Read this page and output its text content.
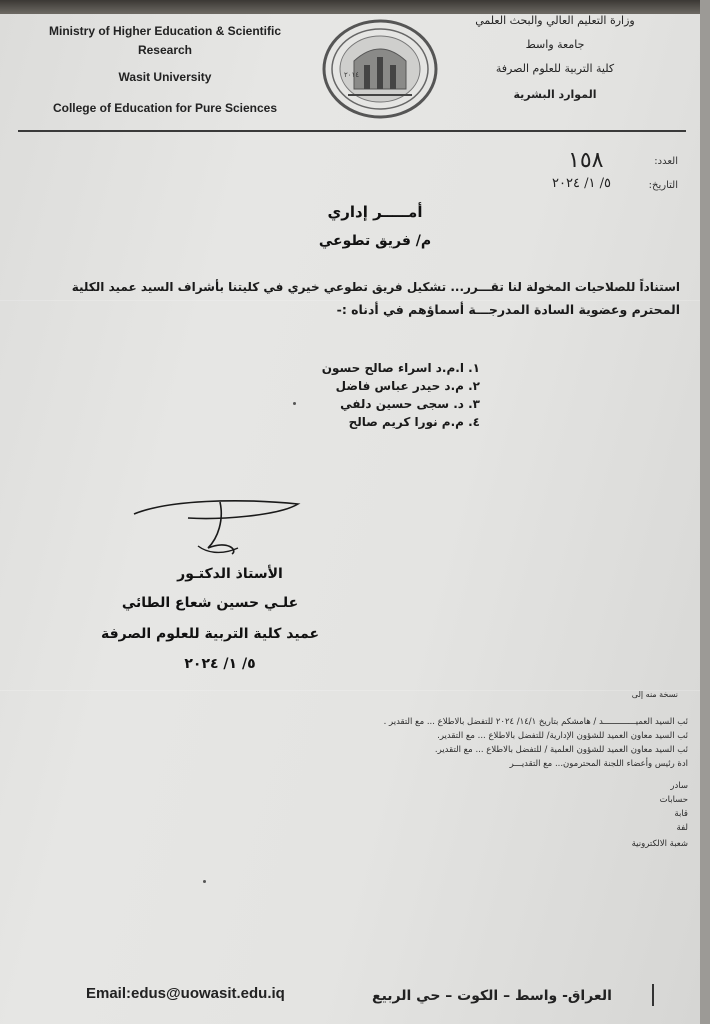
Ministry of Higher Education & Scientific Research
Wasit University
College of Education for Pure Sciences
وزارة التعليم العالي والبحث العلمي
جامعة واسط
كلية التربية للعلوم الصرفة
الموارد البشرية
٢٠١٤
العدد:
١٥٨
التاريخ:
٥/ ١/ ٢٠٢٤
أمـــــر إداري
م/ فريق تطوعي
استناداً للصلاحيات المخولة لنا تقـــرر... تشكيل فريق تطوعي خيري في كليتنا بأشراف السيد عميد الكلية
المحترم وعضوية السادة المدرجـــة أسماؤهم في أدناه :-
١. ا.م.د اسراء صالح حسون
٢. م.د حيدر عباس فاضل
٣. د. سجى حسين دلفي
٤. م.م نورا كريم صالح
الأستاذ الدكتـور
علـي حسين شعاع الطائي
عميد كلية التربية للعلوم الصرفة
٥/ ١/ ٢٠٢٤
نسخة منه إلى
ئب السيد العميـــــــــــــد / هامشكم بتاريخ ١٤/١/ ٢٠٢٤ للتفضل بالاطلاع ... مع التقدير .
ئب السيد معاون العميد للشؤون الإدارية/ للتفضل بالاطلاع ... مع التقدير.
ئب السيد معاون العميد للشؤون العلمية / للتفضل بالاطلاع ... مع التقدير.
ادة رئيس وأعضاء اللجنة المحترمون... مع التقديـــر
سادر
حسابات
قابة
لفة
شعبة الالكترونية
Email:edus@uowasit.edu.iq	العراق- واسط – الكوت – حي الربيع
